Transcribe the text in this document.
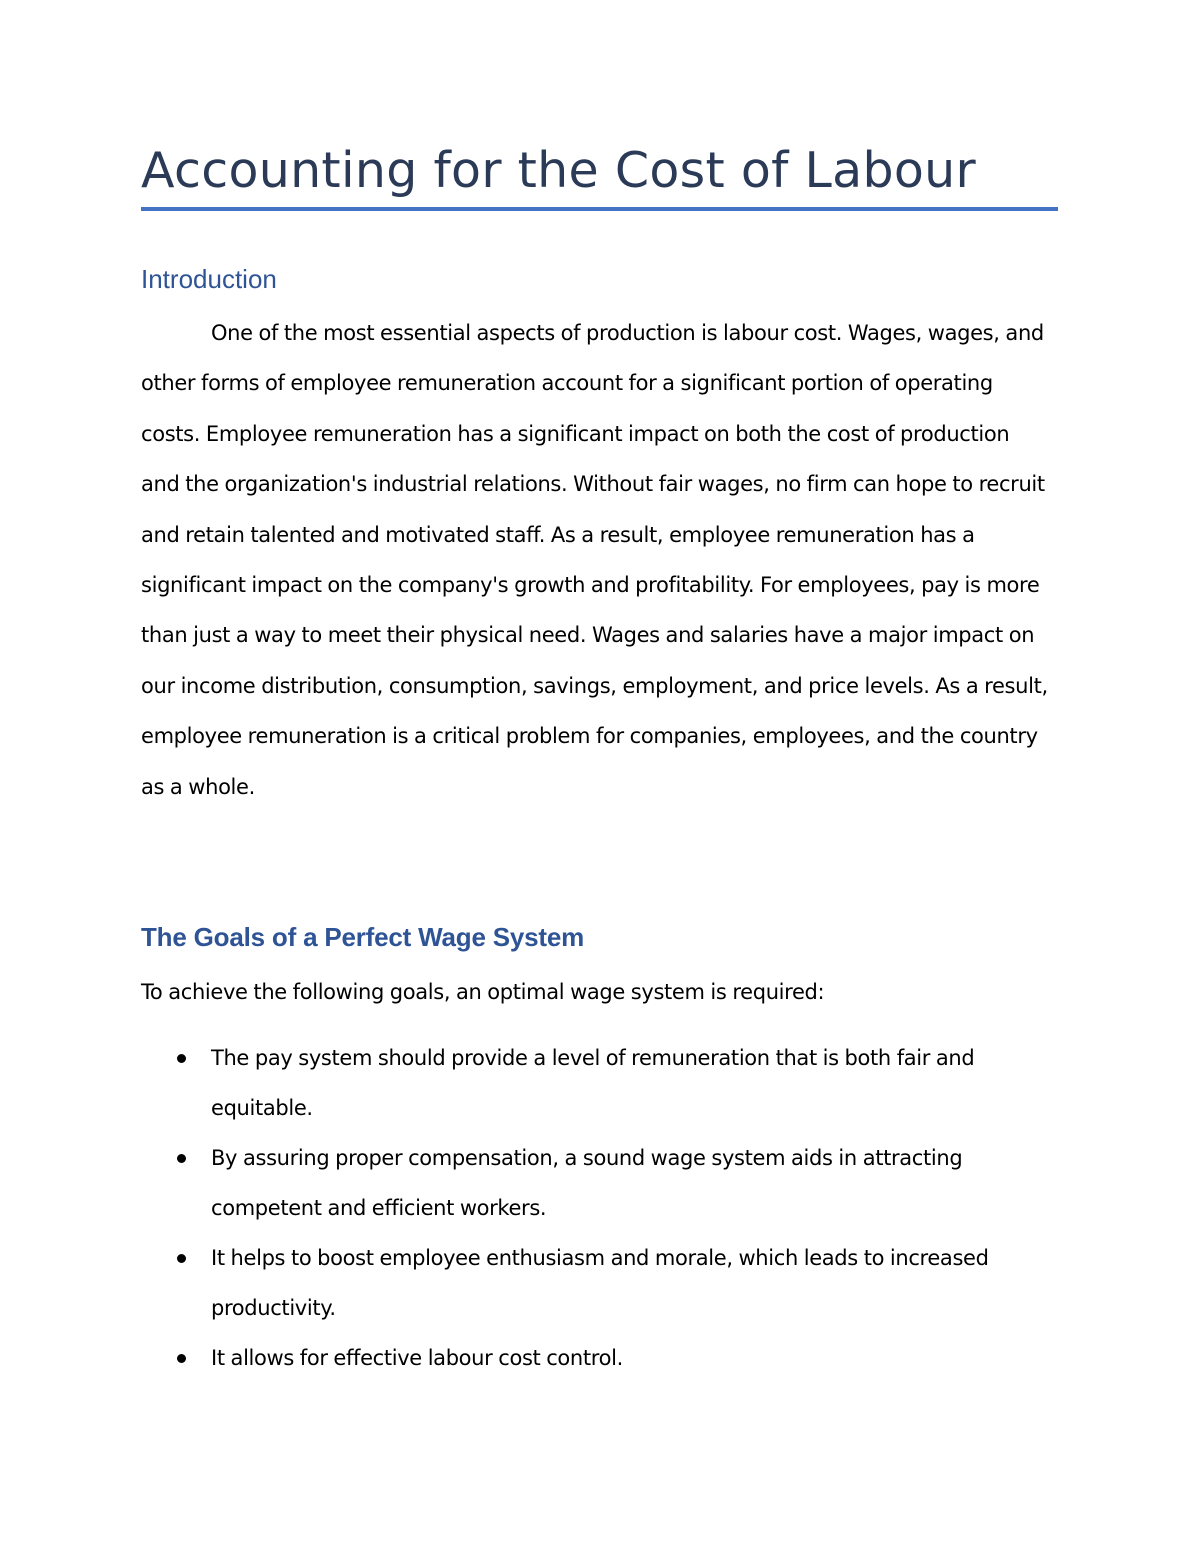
Accounting for the Cost of Labour
Introduction

One of the most essential aspects of production is labour cost. Wages, wages, and other forms of employee remuneration account for a significant portion of operating costs. Employee remuneration has a significant impact on both the cost of production and the organization's industrial relations. Without fair wages, no firm can hope to recruit and retain talented and motivated staff. As a result, employee remuneration has a significant impact on the company's growth and profitability. For employees, pay is more than just a way to meet their physical need. Wages and salaries have a major impact on our income distribution, consumption, savings, employment, and price levels. As a result, employee remuneration is a critical problem for companies, employees, and the country as a whole.

The Goals of a Perfect Wage System

To achieve the following goals, an optimal wage system is required:

The pay system should provide a level of remuneration that is both fair and equitable.
By assuring proper compensation, a sound wage system aids in attracting competent and efficient workers.
It helps to boost employee enthusiasm and morale, which leads to increased productivity.
It allows for effective labour cost control.
